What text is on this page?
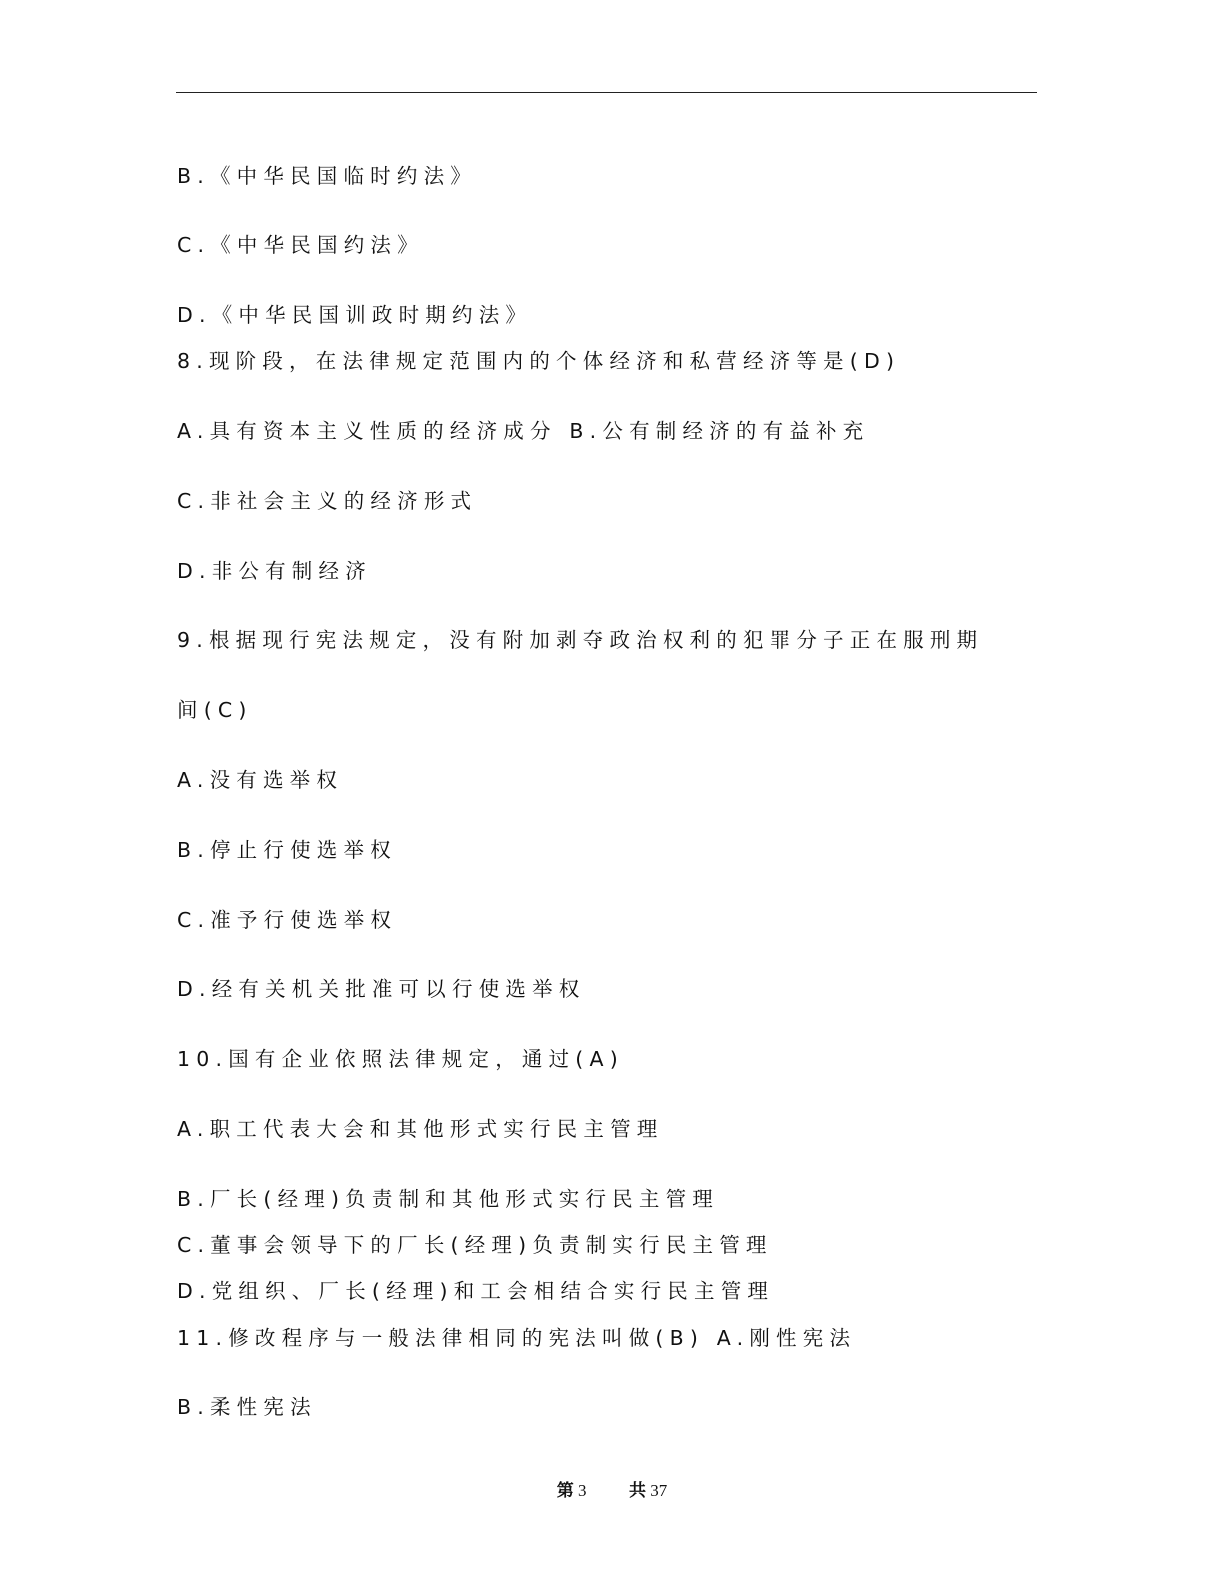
B.《中华民国临时约法》
C.《中华民国约法》
D.《中华民国训政时期约法》
8.现阶段，在法律规定范围内的个体经济和私营经济等是(D)
A.具有资本主义性质的经济成分 B.公有制经济的有益补充
C.非社会主义的经济形式
D.非公有制经济
9.根据现行宪法规定，没有附加剥夺政治权利的犯罪分子正在服刑期
间(C)
A.没有选举权
B.停止行使选举权
C.准予行使选举权
D.经有关机关批准可以行使选举权
10.国有企业依照法律规定，通过(A)
A.职工代表大会和其他形式实行民主管理
B.厂长(经理)负责制和其他形式实行民主管理
C.董事会领导下的厂长(经理)负责制实行民主管理
D.党组织、厂长(经理)和工会相结合实行民主管理
11.修改程序与一般法律相同的宪法叫做(B) A.刚性宪法
B.柔性宪法
第 3	共 37
